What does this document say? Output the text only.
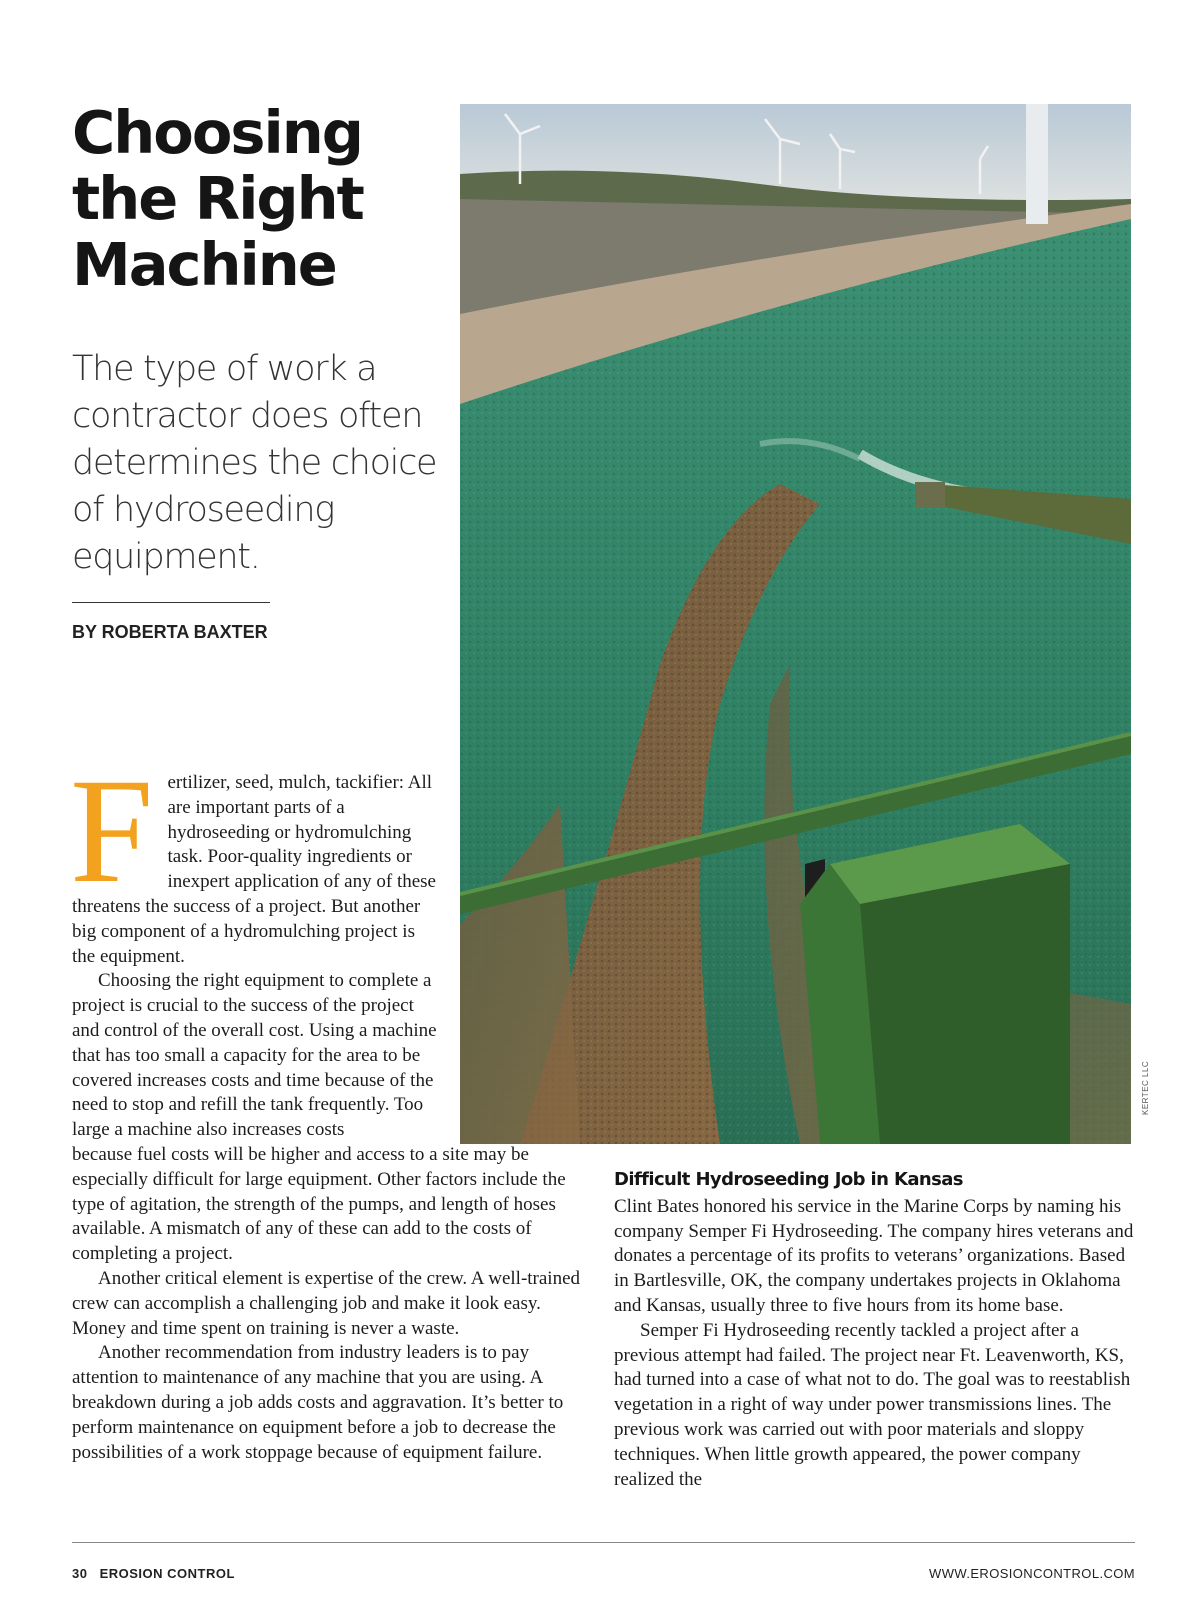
Choosing
the Right
Machine
The type of work a contractor does often determines the choice of hydroseeding equipment.
BY ROBERTA BAXTER
KERTEC LLC

F ertilizer, seed, mulch, tackifier: All are important parts of a hydroseeding or hydromulching task. Poor-quality ingredients or inexpert application of any of these threatens the success of a project. But another big component of a hydromulching project is the equipment.

Choosing the right equipment to complete a project is crucial to the success of the project and control of the overall cost. Using a machine that has too small a capacity for the area to be covered increases costs and time because of the need to stop and refill the tank frequently. Too large a machine also increases costs

because fuel costs will be higher and access to a site may be especially difficult for large equipment. Other factors include the type of agitation, the strength of the pumps, and length of hoses available. A mismatch of any of these can add to the costs of completing a project.

Another critical element is expertise of the crew. A well-trained crew can accomplish a challenging job and make it look easy. Money and time spent on training is never a waste.

Another recommendation from industry leaders is to pay attention to maintenance of any machine that you are using. A breakdown during a job adds costs and aggravation. It’s better to perform maintenance on equipment before a job to decrease the possibilities of a work stoppage because of equipment failure.

Difficult Hydroseeding Job in Kansas

Clint Bates honored his service in the Marine Corps by naming his company Semper Fi Hydroseeding. The company hires veterans and donates a percentage of its profits to veterans’ organizations. Based in Bartlesville, OK, the company undertakes projects in Oklahoma and Kansas, usually three to five hours from its home base.

Semper Fi Hydroseeding recently tackled a project after a previous attempt had failed. The project near Ft. Leavenworth, KS, had turned into a case of what not to do. The goal was to reestablish vegetation in a right of way under power transmissions lines. The previous work was carried out with poor materials and sloppy techniques. When little growth appeared, the power company realized the

30 EROSION CONTROL	WWW.EROSIONCONTROL.COM
